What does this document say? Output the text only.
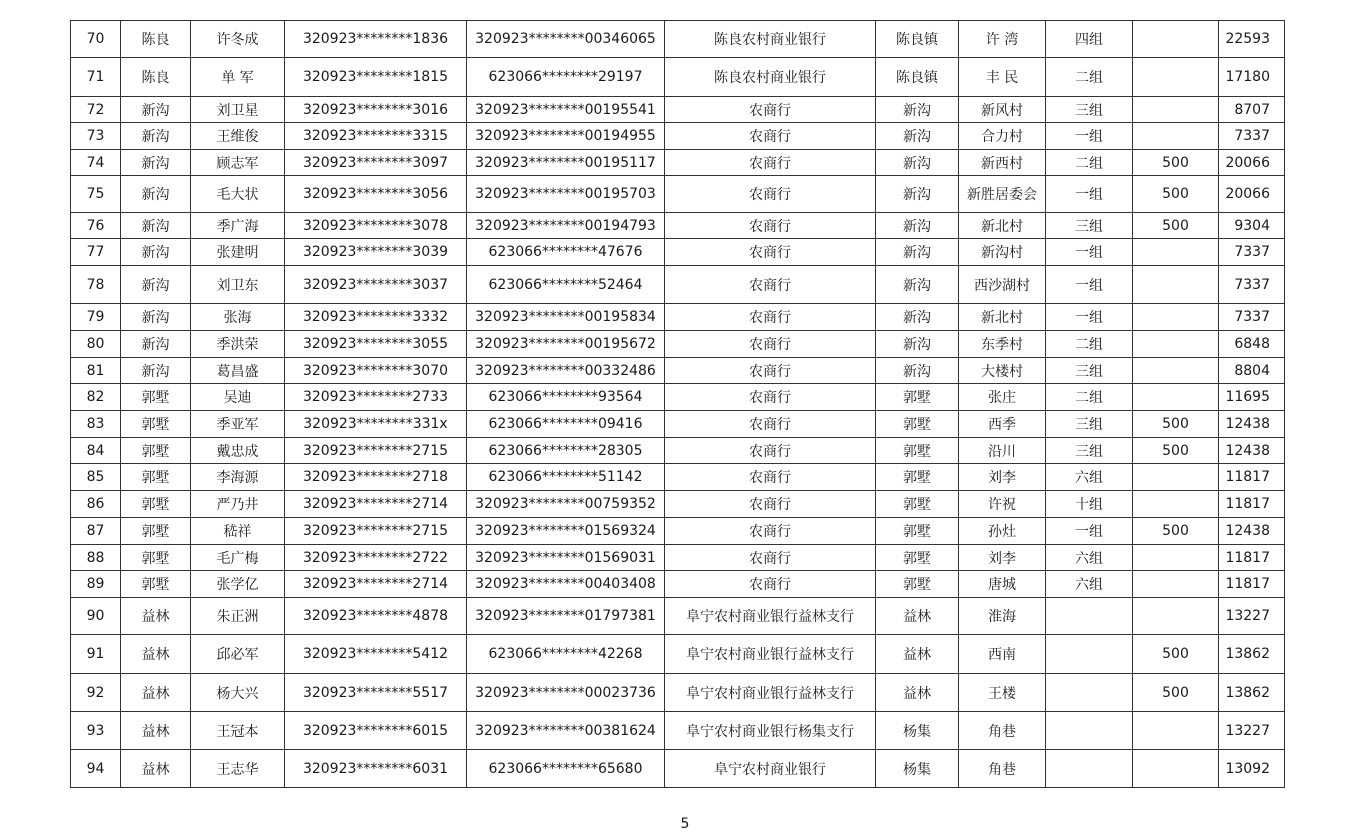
70	陈良	许冬成	320923********1836	320923********00346065	陈良农村商业银行	陈良镇	许 湾	四组		22593
71	陈良	单 军	320923********1815	623066********29197	陈良农村商业银行	陈良镇	丰 民	二组		17180
72	新沟	刘卫星	320923********3016	320923********00195541	农商行	新沟	新风村	三组		8707
73	新沟	王维俊	320923********3315	320923********00194955	农商行	新沟	合力村	一组		7337
74	新沟	顾志军	320923********3097	320923********00195117	农商行	新沟	新西村	二组	500	20066
75	新沟	毛大状	320923********3056	320923********00195703	农商行	新沟	新胜居委会	一组	500	20066
76	新沟	季广海	320923********3078	320923********00194793	农商行	新沟	新北村	三组	500	9304
77	新沟	张建明	320923********3039	623066********47676	农商行	新沟	新沟村	一组		7337
78	新沟	刘卫东	320923********3037	623066********52464	农商行	新沟	西沙湖村	一组		7337
79	新沟	张海	320923********3332	320923********00195834	农商行	新沟	新北村	一组		7337
80	新沟	季洪荣	320923********3055	320923********00195672	农商行	新沟	东季村	二组		6848
81	新沟	葛昌盛	320923********3070	320923********00332486	农商行	新沟	大楼村	三组		8804
82	郭墅	吴迪	320923********2733	623066********93564	农商行	郭墅	张庄	二组		11695
83	郭墅	季亚军	320923********331x	623066********09416	农商行	郭墅	西季	三组	500	12438
84	郭墅	戴忠成	320923********2715	623066********28305	农商行	郭墅	沿川	三组	500	12438
85	郭墅	李海源	320923********2718	623066********51142	农商行	郭墅	刘李	六组		11817
86	郭墅	严乃井	320923********2714	320923********00759352	农商行	郭墅	许祝	十组		11817
87	郭墅	嵇祥	320923********2715	320923********01569324	农商行	郭墅	孙灶	一组	500	12438
88	郭墅	毛广梅	320923********2722	320923********01569031	农商行	郭墅	刘李	六组		11817
89	郭墅	张学亿	320923********2714	320923********00403408	农商行	郭墅	唐城	六组		11817
90	益林	朱正洲	320923********4878	320923********01797381	阜宁农村商业银行益林支行	益林	淮海			13227
91	益林	邱必军	320923********5412	623066********42268	阜宁农村商业银行益林支行	益林	西南		500	13862
92	益林	杨大兴	320923********5517	320923********00023736	阜宁农村商业银行益林支行	益林	王楼		500	13862
93	益林	王冠本	320923********6015	320923********00381624	阜宁农村商业银行杨集支行	杨集	角巷			13227
94	益林	王志华	320923********6031	623066********65680	阜宁农村商业银行	杨集	角巷			13092
5
